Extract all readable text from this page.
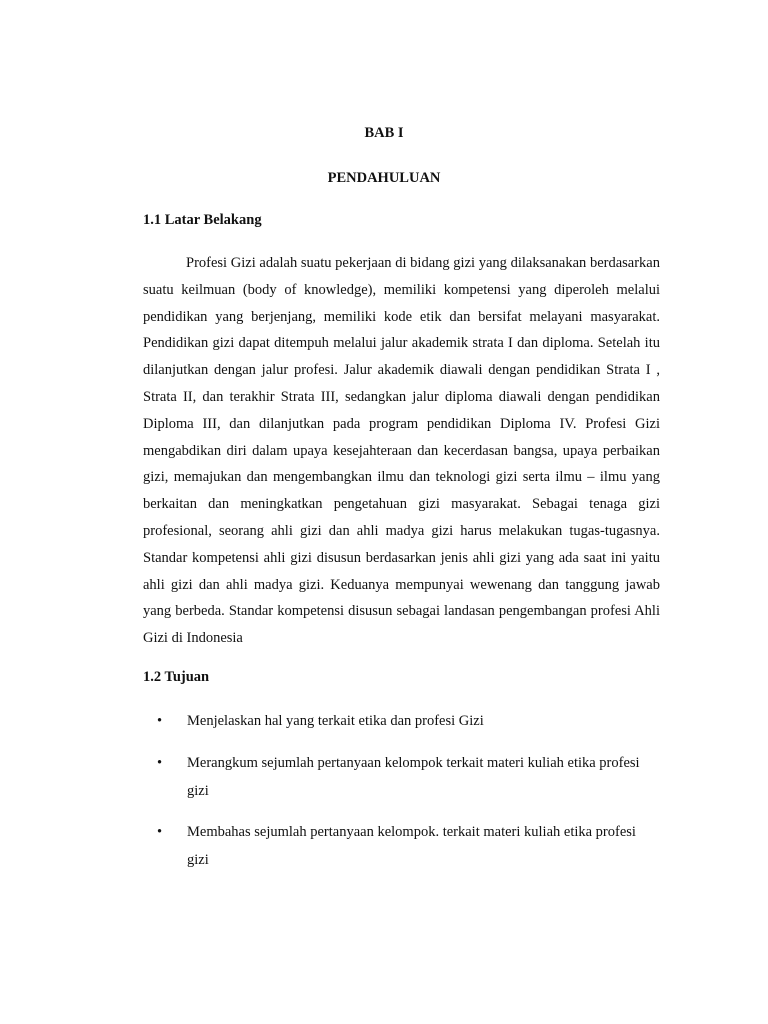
BAB I
PENDAHULUAN
1.1 Latar Belakang

Profesi Gizi adalah suatu pekerjaan di bidang gizi yang dilaksanakan berdasarkan suatu keilmuan (body of knowledge), memiliki kompetensi yang diperoleh melalui pendidikan yang berjenjang, memiliki kode etik dan bersifat melayani masyarakat. Pendidikan gizi dapat ditempuh melalui jalur akademik strata I dan diploma. Setelah itu dilanjutkan dengan jalur profesi. Jalur akademik diawali dengan pendidikan Strata I , Strata II, dan terakhir Strata III, sedangkan jalur diploma diawali dengan pendidikan Diploma III, dan dilanjutkan pada program pendidikan Diploma IV. Profesi Gizi mengabdikan diri dalam upaya kesejahteraan dan kecerdasan bangsa, upaya perbaikan gizi, memajukan dan mengembangkan ilmu dan teknologi gizi serta ilmu – ilmu yang berkaitan dan meningkatkan pengetahuan gizi masyarakat. Sebagai tenaga gizi profesional, seorang ahli gizi dan ahli madya gizi harus melakukan tugas-tugasnya. Standar kompetensi ahli gizi disusun berdasarkan jenis ahli gizi yang ada saat ini yaitu ahli gizi dan ahli madya gizi. Keduanya mempunyai wewenang dan tanggung jawab yang berbeda. Standar kompetensi disusun sebagai landasan pengembangan profesi Ahli Gizi di Indonesia

1.2 Tujuan
• Menjelaskan hal yang terkait etika dan profesi Gizi
• Merangkum sejumlah pertanyaan kelompok terkait materi kuliah etika profesi gizi
• Membahas sejumlah pertanyaan kelompok. terkait materi kuliah etika profesi gizi
